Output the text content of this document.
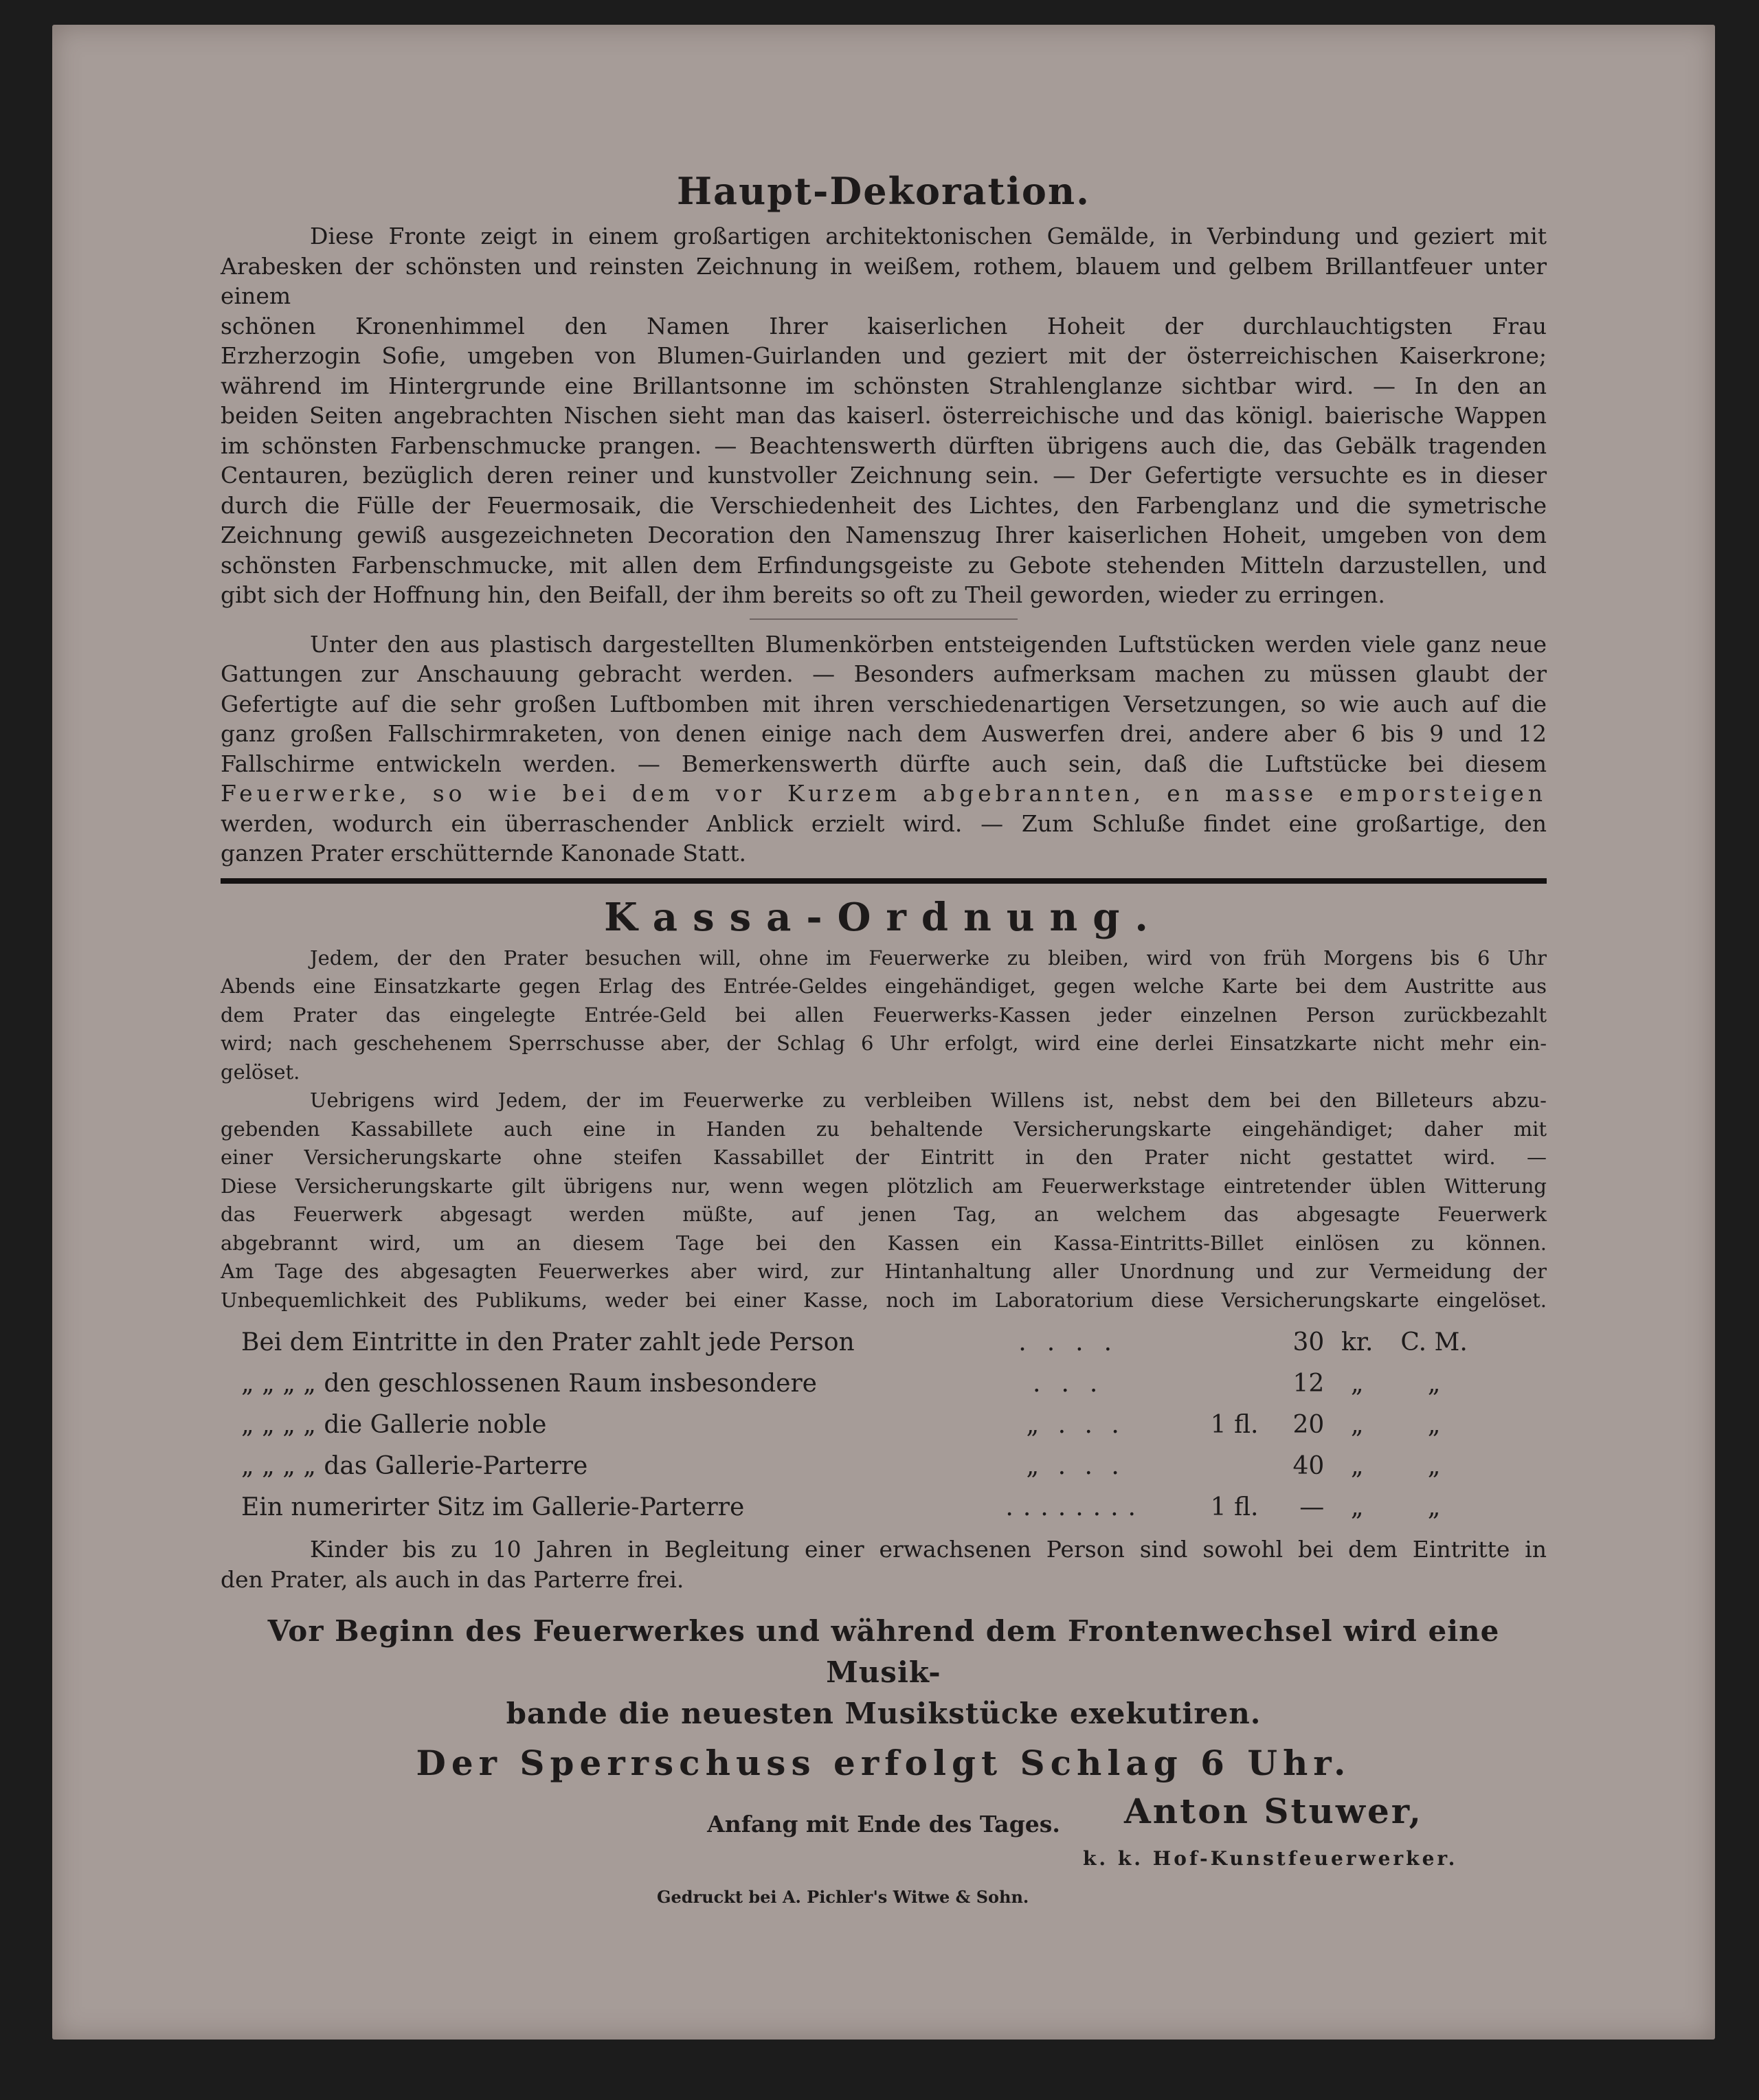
Haupt-Dekoration.

Diese Fronte zeigt in einem großartigen architektonischen Gemälde, in Verbindung und geziert mit

Arabesken der schönsten und reinsten Zeichnung in weißem, rothem, blauem und gelbem Brillantfeuer unter einem

schönen Kronenhimmel den Namen Ihrer kaiserlichen Hoheit der durchlauchtigsten Frau

Erzherzogin Sofie, umgeben von Blumen-Guirlanden und geziert mit der österreichischen Kaiserkrone;

während im Hintergrunde eine Brillantsonne im schönsten Strahlenglanze sichtbar wird. — In den an

beiden Seiten angebrachten Nischen sieht man das kaiserl. österreichische und das königl. baierische Wappen

im schönsten Farbenschmucke prangen. — Beachtenswerth dürften übrigens auch die, das Gebälk tragenden

Centauren, bezüglich deren reiner und kunstvoller Zeichnung sein. — Der Gefertigte versuchte es in dieser

durch die Fülle der Feuermosaik, die Verschiedenheit des Lichtes, den Farbenglanz und die symetrische

Zeichnung gewiß ausgezeichneten Decoration den Namenszug Ihrer kaiserlichen Hoheit, umgeben von dem

schönsten Farbenschmucke, mit allen dem Erfindungsgeiste zu Gebote stehenden Mitteln darzustellen, und

gibt sich der Hoffnung hin, den Beifall, der ihm bereits so oft zu Theil geworden, wieder zu erringen.

Unter den aus plastisch dargestellten Blumenkörben entsteigenden Luftstücken werden viele ganz neue

Gattungen zur Anschauung gebracht werden. — Besonders aufmerksam machen zu müssen glaubt der

Gefertigte auf die sehr großen Luftbomben mit ihren verschiedenartigen Versetzungen, so wie auch auf die

ganz großen Fallschirmraketen, von denen einige nach dem Auswerfen drei, andere aber 6 bis 9 und 12

Fallschirme entwickeln werden. — Bemerkenswerth dürfte auch sein, daß die Luftstücke bei diesem

Feuerwerke, so wie bei dem vor Kurzem abgebrannten, en masse emporsteigen

werden, wodurch ein überraschender Anblick erzielt wird. — Zum Schluße findet eine großartige, den

ganzen Prater erschütternde Kanonade Statt.

Kassa-Ordnung.

Jedem, der den Prater besuchen will, ohne im Feuerwerke zu bleiben, wird von früh Morgens bis 6 Uhr

Abends eine Einsatzkarte gegen Erlag des Entrée-Geldes eingehändiget, gegen welche Karte bei dem Austritte aus

dem Prater das eingelegte Entrée-Geld bei allen Feuerwerks-Kassen jeder einzelnen Person zurückbezahlt

wird; nach geschehenem Sperrschusse aber, der Schlag 6 Uhr erfolgt, wird eine derlei Einsatzkarte nicht mehr ein-

gelöset.

Uebrigens wird Jedem, der im Feuerwerke zu verbleiben Willens ist, nebst dem bei den Billeteurs abzu-

gebenden Kassabillete auch eine in Handen zu behaltende Versicherungskarte eingehändiget; daher mit

einer Versicherungskarte ohne steifen Kassabillet der Eintritt in den Prater nicht gestattet wird. —

Diese Versicherungskarte gilt übrigens nur, wenn wegen plötzlich am Feuerwerkstage eintretender üblen Witterung

das Feuerwerk abgesagt werden müßte, auf jenen Tag, an welchem das abgesagte Feuerwerk

abgebrannt wird, um an diesem Tage bei den Kassen ein Kassa-Eintritts-Billet einlösen zu können.

Am Tage des abgesagten Feuerwerkes aber wird, zur Hintanhaltung aller Unordnung und zur Vermeidung der

Unbequemlichkeit des Publikums, weder bei einer Kasse, noch im Laboratorium diese Versicherungskarte eingelöset.

Bei dem Eintritte in den Prater zahlt jede Person	....		30	kr.	C. M.
„ „ „ „ den geschlossenen Raum insbesondere	...		12	„	„
„ „ „ „ die Gallerie noble	„ . . .	1 fl.	20	„	„
„ „ „ „ das Gallerie-Parterre	„ . . .		40	„	„
Ein numerirter Sitz im Gallerie-Parterre	........	1 fl.	—	„	„

Kinder bis zu 10 Jahren in Begleitung einer erwachsenen Person sind sowohl bei dem Eintritte in

den Prater, als auch in das Parterre frei.

Vor Beginn des Feuerwerkes und während dem Frontenwechsel wird eine Musik-

bande die neuesten Musikstücke exekutiren.

Der Sperrschuss erfolgt Schlag 6 Uhr.

Anfang mit Ende des Tages.	Anton Stuwer,
k. k. Hof-Kunstfeuerwerker.
Gedruckt bei A. Pichler's Witwe & Sohn.
